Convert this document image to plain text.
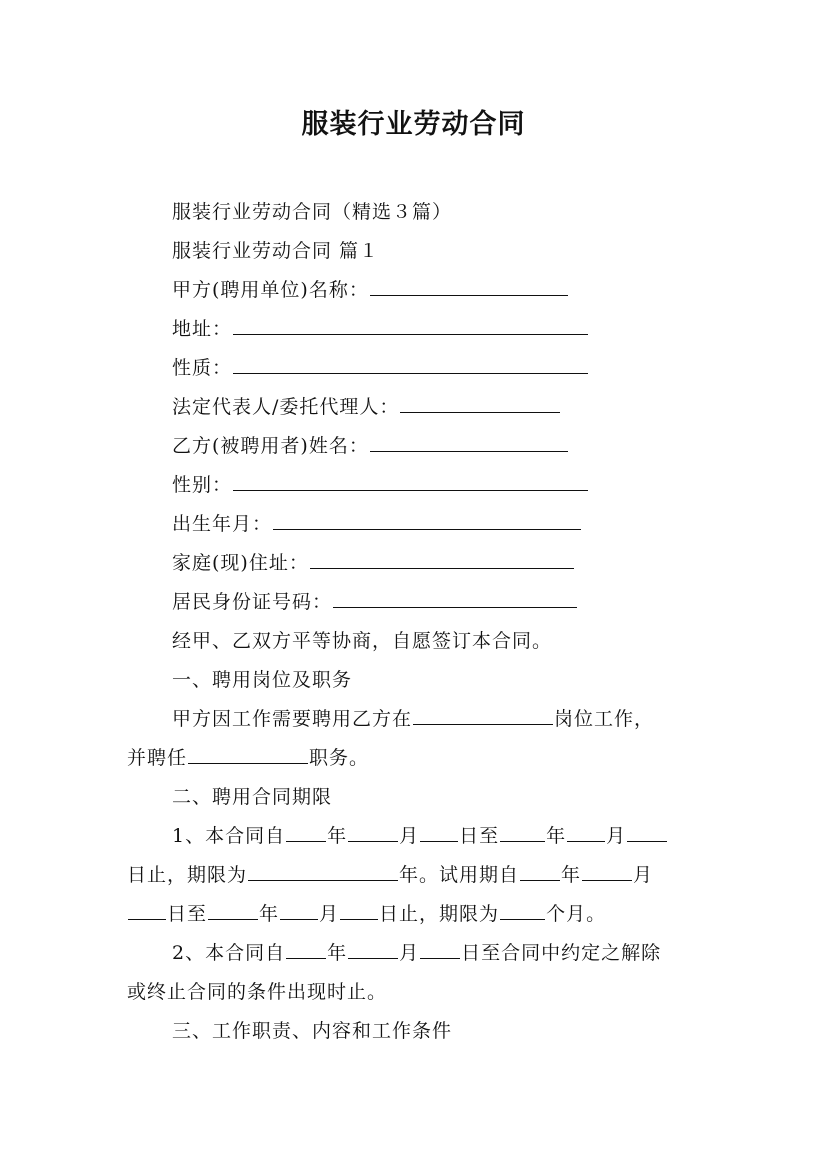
服装行业劳动合同
服装行业劳动合同（精选３篇）
服装行业劳动合同 篇１
甲方(聘用单位)名称：
地址：
性质：
法定代表人/委托代理人：
乙方(被聘用者)姓名：
性别：
出生年月：
家庭(现)住址：
居民身份证号码：
经甲、乙双方平等协商，自愿签订本合同。
一、聘用岗位及职务
甲方因工作需要聘用乙方在	岗位工作，
并聘任	职务。
二、聘用合同期限
1、本合同自 年	月 日至 年 月
日止，期限为	年。试用期自 年	月
日至	年 月 日止，期限为 个月。
2、本合同自 年	月 日至合同中约定之解除
或终止合同的条件出现时止。
三、工作职责、内容和工作条件
